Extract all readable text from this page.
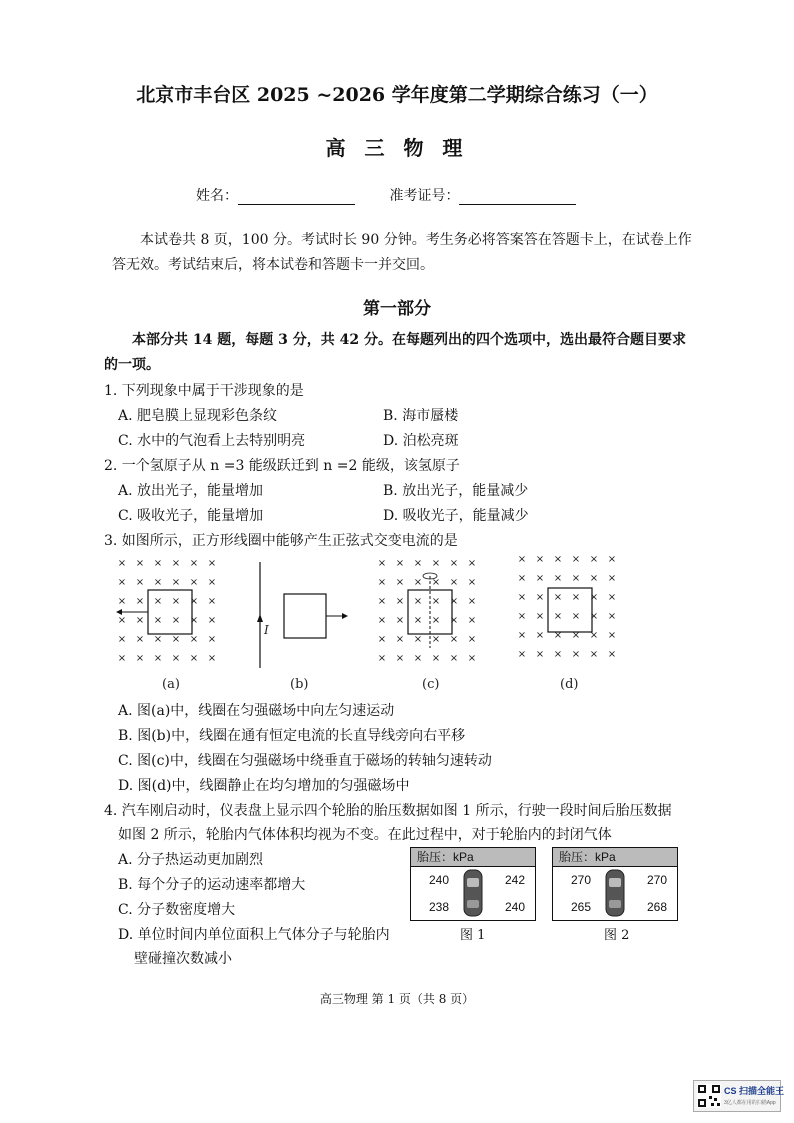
北京市丰台区 2025 ~2026 学年度第二学期综合练习（一）
高 三 物 理
姓名：	准考证号：
本试卷共 8 页，100 分。考试时长 90 分钟。考生务必将答案答在答题卡上，在试卷上作答无效。考试结束后，将本试卷和答题卡一并交回。
第一部分
本部分共 14 题，每题 3 分，共 42 分。在每题列出的四个选项中，选出最符合题目要求的一项。
1. 下列现象中属于干涉现象的是
A. 肥皂膜上显现彩色条纹	B. 海市蜃楼
C. 水中的气泡看上去特别明亮	D. 泊松亮斑
2. 一个氢原子从 n =3 能级跃迁到 n =2 能级，该氢原子
A. 放出光子，能量增加	B. 放出光子，能量减少
C. 吸收光子，能量增加	D. 吸收光子，能量减少
3. 如图所示，正方形线圈中能够产生正弦式交变电流的是
× × × × × ×
× × × × × ×
× × × × × ×
× × × × × ×
× × × × × ×
× × × × × ×
I
× × × × × ×
× × × × × ×
× × × × × ×
× × × × × ×
× × × × × ×
× × × × × ×
× × × × × ×
× × × × × ×
× × × × × ×
× × × × × ×
× × × × × ×
× × × × × ×
(a)	(b)	(c)	(d)
A. 图(a)中，线圈在匀强磁场中向左匀速运动
B. 图(b)中，线圈在通有恒定电流的长直导线旁向右平移
C. 图(c)中，线圈在匀强磁场中绕垂直于磁场的转轴匀速转动
D. 图(d)中，线圈静止在均匀增加的匀强磁场中
4. 汽车刚启动时，仪表盘上显示四个轮胎的胎压数据如图 1 所示，行驶一段时间后胎压数据
如图 2 所示，轮胎内气体体积均视为不变。在此过程中，对于轮胎内的封闭气体
A. 分子热运动更加剧烈
B. 每个分子的运动速率都增大
C. 分子数密度增大
D. 单位时间内单位面积上气体分子与轮胎内
壁碰撞次数减小
胎压：kPa
240	242
238	240
图 1
胎压：kPa
270	270
265	268
图 2
高三物理 第 1 页（共 8 页）
CS 扫描全能王
3亿人都在用的扫描App
